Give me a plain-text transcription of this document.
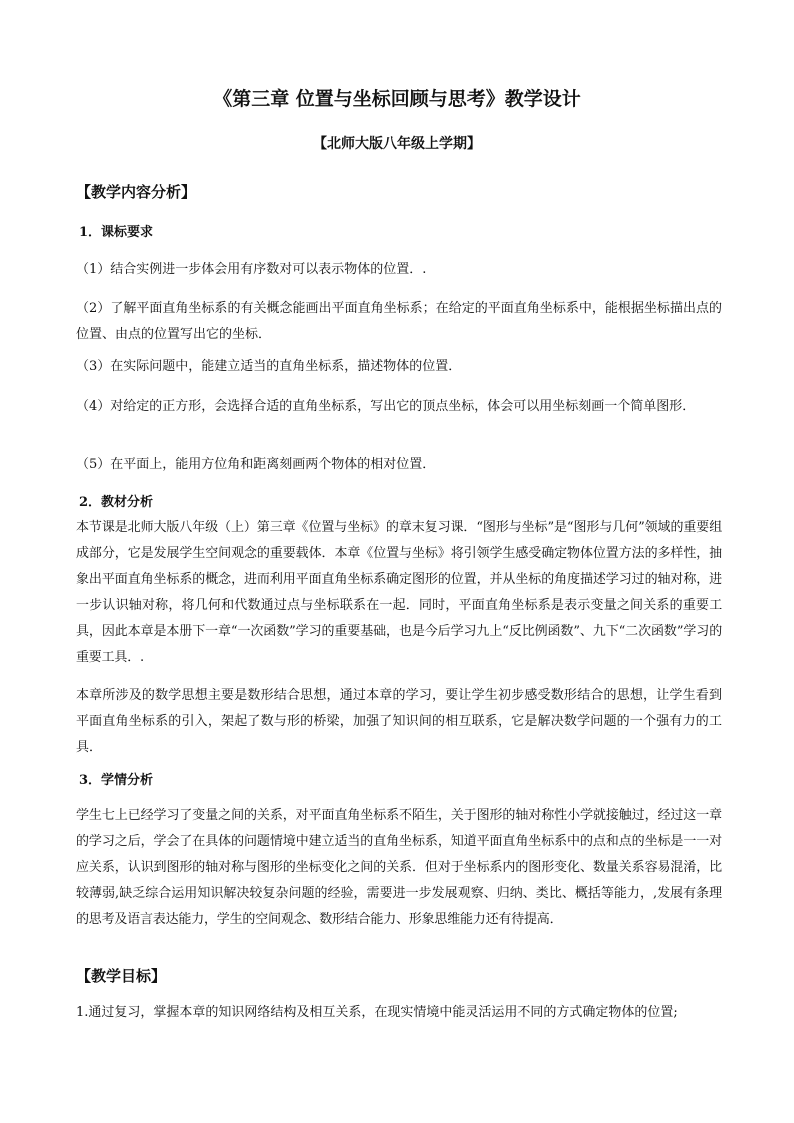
《第三章 位置与坐标回顾与思考》教学设计
【北师大版八年级上学期】
【教学内容分析】
1．课标要求
（1）结合实例进一步体会用有序数对可以表示物体的位置．.
（2）了解平面直角坐标系的有关概念能画出平面直角坐标系；在给定的平面直角坐标系中，能根据坐标描出点的位置、由点的位置写出它的坐标．
（3）在实际问题中，能建立适当的直角坐标系，描述物体的位置．
（4）对给定的正方形，会选择合适的直角坐标系，写出它的顶点坐标，体会可以用坐标刻画一个简单图形．
（5）在平面上，能用方位角和距离刻画两个物体的相对位置．
2．教材分析
本节课是北师大版八年级（上）第三章《位置与坐标》的章末复习课．“图形与坐标”是“图形与几何”领域的重要组成部分，它是发展学生空间观念的重要载体．本章《位置与坐标》将引领学生感受确定物体位置方法的多样性，抽象出平面直角坐标系的概念，进而利用平面直角坐标系确定图形的位置，并从坐标的角度描述学习过的轴对称，进一步认识轴对称，将几何和代数通过点与坐标联系在一起．同时，平面直角坐标系是表示变量之间关系的重要工具，因此本章是本册下一章“一次函数”学习的重要基础，也是今后学习九上“反比例函数”、九下“二次函数”学习的重要工具．.
本章所涉及的数学思想主要是数形结合思想，通过本章的学习，要让学生初步感受数形结合的思想，让学生看到平面直角坐标系的引入，架起了数与形的桥梁，加强了知识间的相互联系，它是解决数学问题的一个强有力的工具．
3．学情分析
学生七上已经学习了变量之间的关系，对平面直角坐标系不陌生，关于图形的轴对称性小学就接触过，经过这一章的学习之后，学会了在具体的问题情境中建立适当的直角坐标系，知道平面直角坐标系中的点和点的坐标是一一对应关系，认识到图形的轴对称与图形的坐标变化之间的关系．但对于坐标系内的图形变化、数量关系容易混淆，比较薄弱,缺乏综合运用知识解决较复杂问题的经验，需要进一步发展观察、归纳、类比、概括等能力，,发展有条理的思考及语言表达能力，学生的空间观念、数形结合能力、形象思维能力还有待提高．
【教学目标】
1.通过复习，掌握本章的知识网络结构及相互关系，在现实情境中能灵活运用不同的方式确定物体的位置;
